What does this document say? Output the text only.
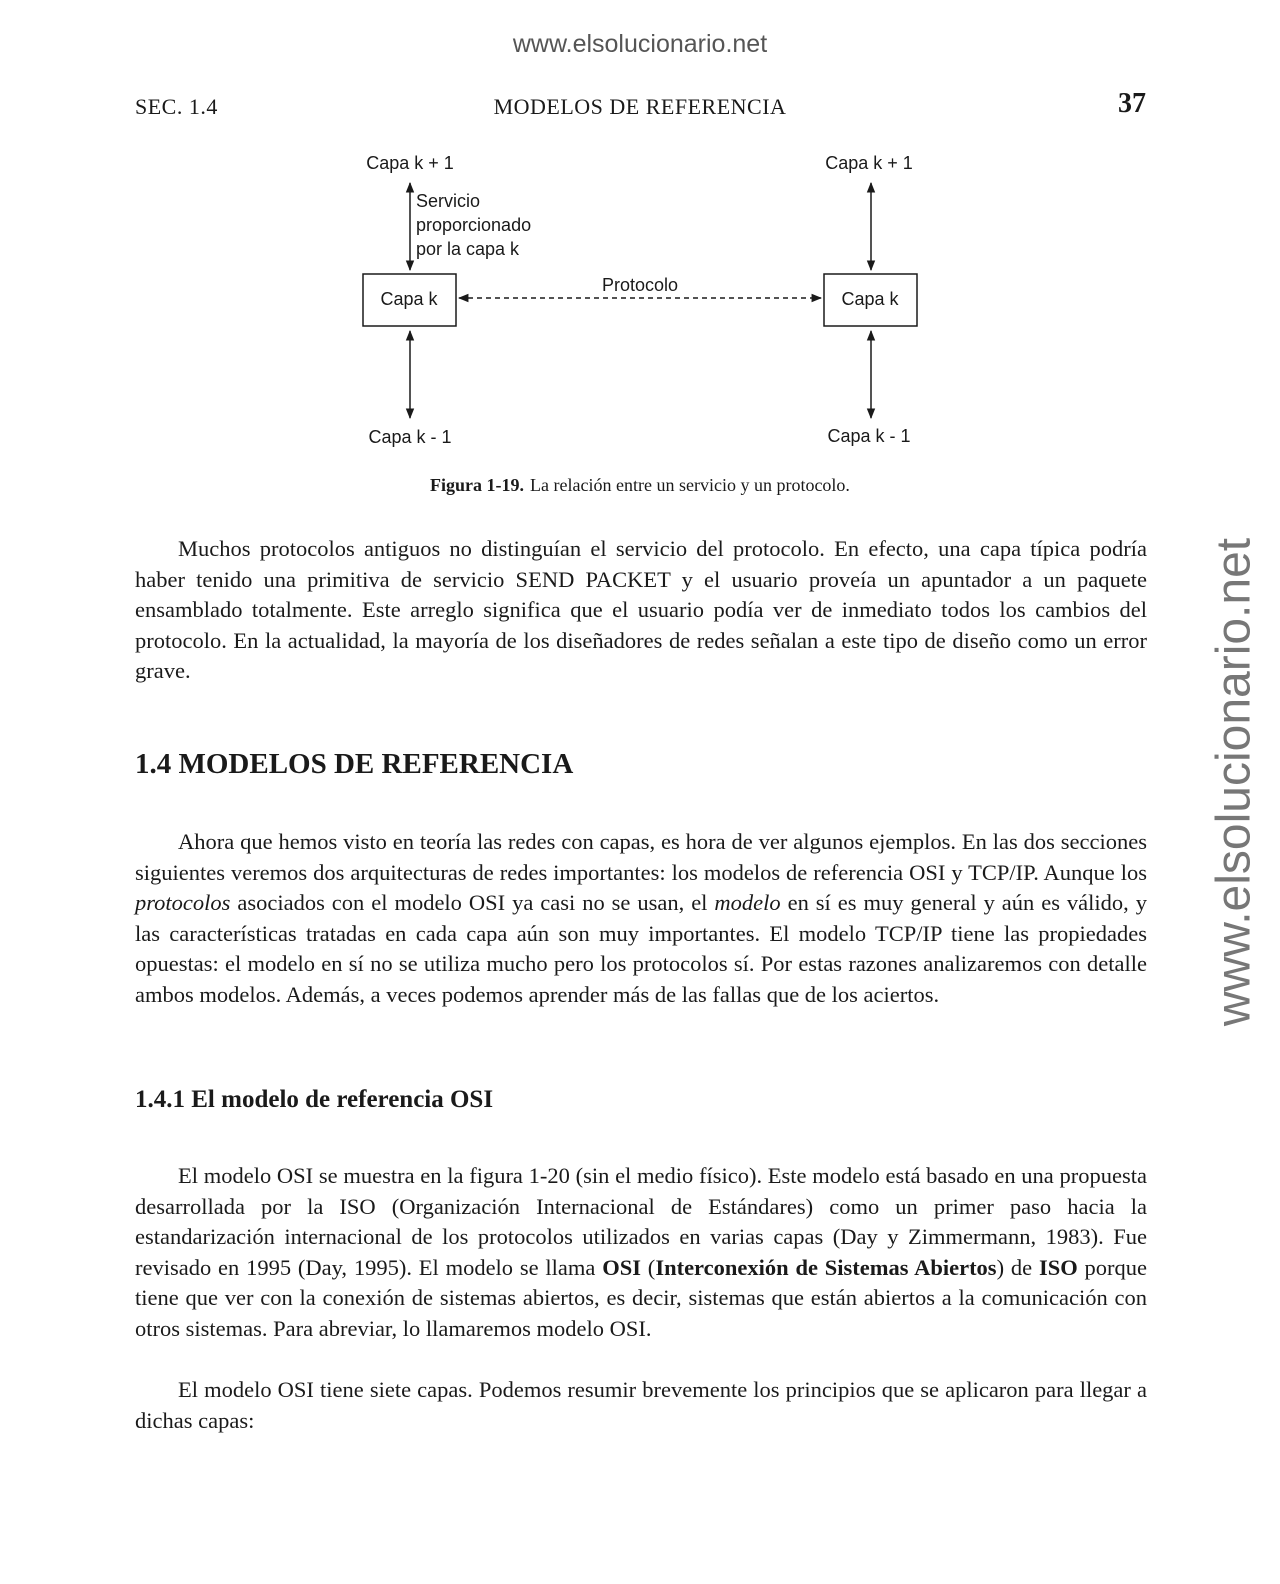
www.elsolucionario.net
www.elsolucionario.net
SEC. 1.4	MODELOS DE REFERENCIA	37
Capa k + 1	Capa k + 1
Servicio
proporcionado
por la capa k
Capa k	Capa k
Protocolo
Capa k - 1	Capa k - 1
Figura 1-19. La relación entre un servicio y un protocolo.

Muchos protocolos antiguos no distinguían el servicio del protocolo. En efecto, una capa típica podría haber tenido una primitiva de servicio SEND PACKET y el usuario proveía un apuntador a un paquete ensamblado totalmente. Este arreglo significa que el usuario podía ver de inmediato todos los cambios del protocolo. En la actualidad, la mayoría de los diseñadores de redes señalan a este tipo de diseño como un error grave.

1.4 MODELOS DE REFERENCIA

Ahora que hemos visto en teoría las redes con capas, es hora de ver algunos ejemplos. En las dos secciones siguientes veremos dos arquitecturas de redes importantes: los modelos de referencia OSI y TCP/IP. Aunque los protocolos asociados con el modelo OSI ya casi no se usan, el modelo en sí es muy general y aún es válido, y las características tratadas en cada capa aún son muy importantes. El modelo TCP/IP tiene las propiedades opuestas: el modelo en sí no se utiliza mucho pero los protocolos sí. Por estas razones analizaremos con detalle ambos modelos. Además, a veces podemos aprender más de las fallas que de los aciertos.

1.4.1 El modelo de referencia OSI

El modelo OSI se muestra en la figura 1-20 (sin el medio físico). Este modelo está basado en una propuesta desarrollada por la ISO (Organización Internacional de Estándares) como un primer paso hacia la estandarización internacional de los protocolos utilizados en varias capas (Day y Zimmermann, 1983). Fue revisado en 1995 (Day, 1995). El modelo se llama OSI (Interconexión de Sistemas Abiertos) de ISO porque tiene que ver con la conexión de sistemas abiertos, es decir, sistemas que están abiertos a la comunicación con otros sistemas. Para abreviar, lo llamaremos modelo OSI.

El modelo OSI tiene siete capas. Podemos resumir brevemente los principios que se aplicaron para llegar a dichas capas:
